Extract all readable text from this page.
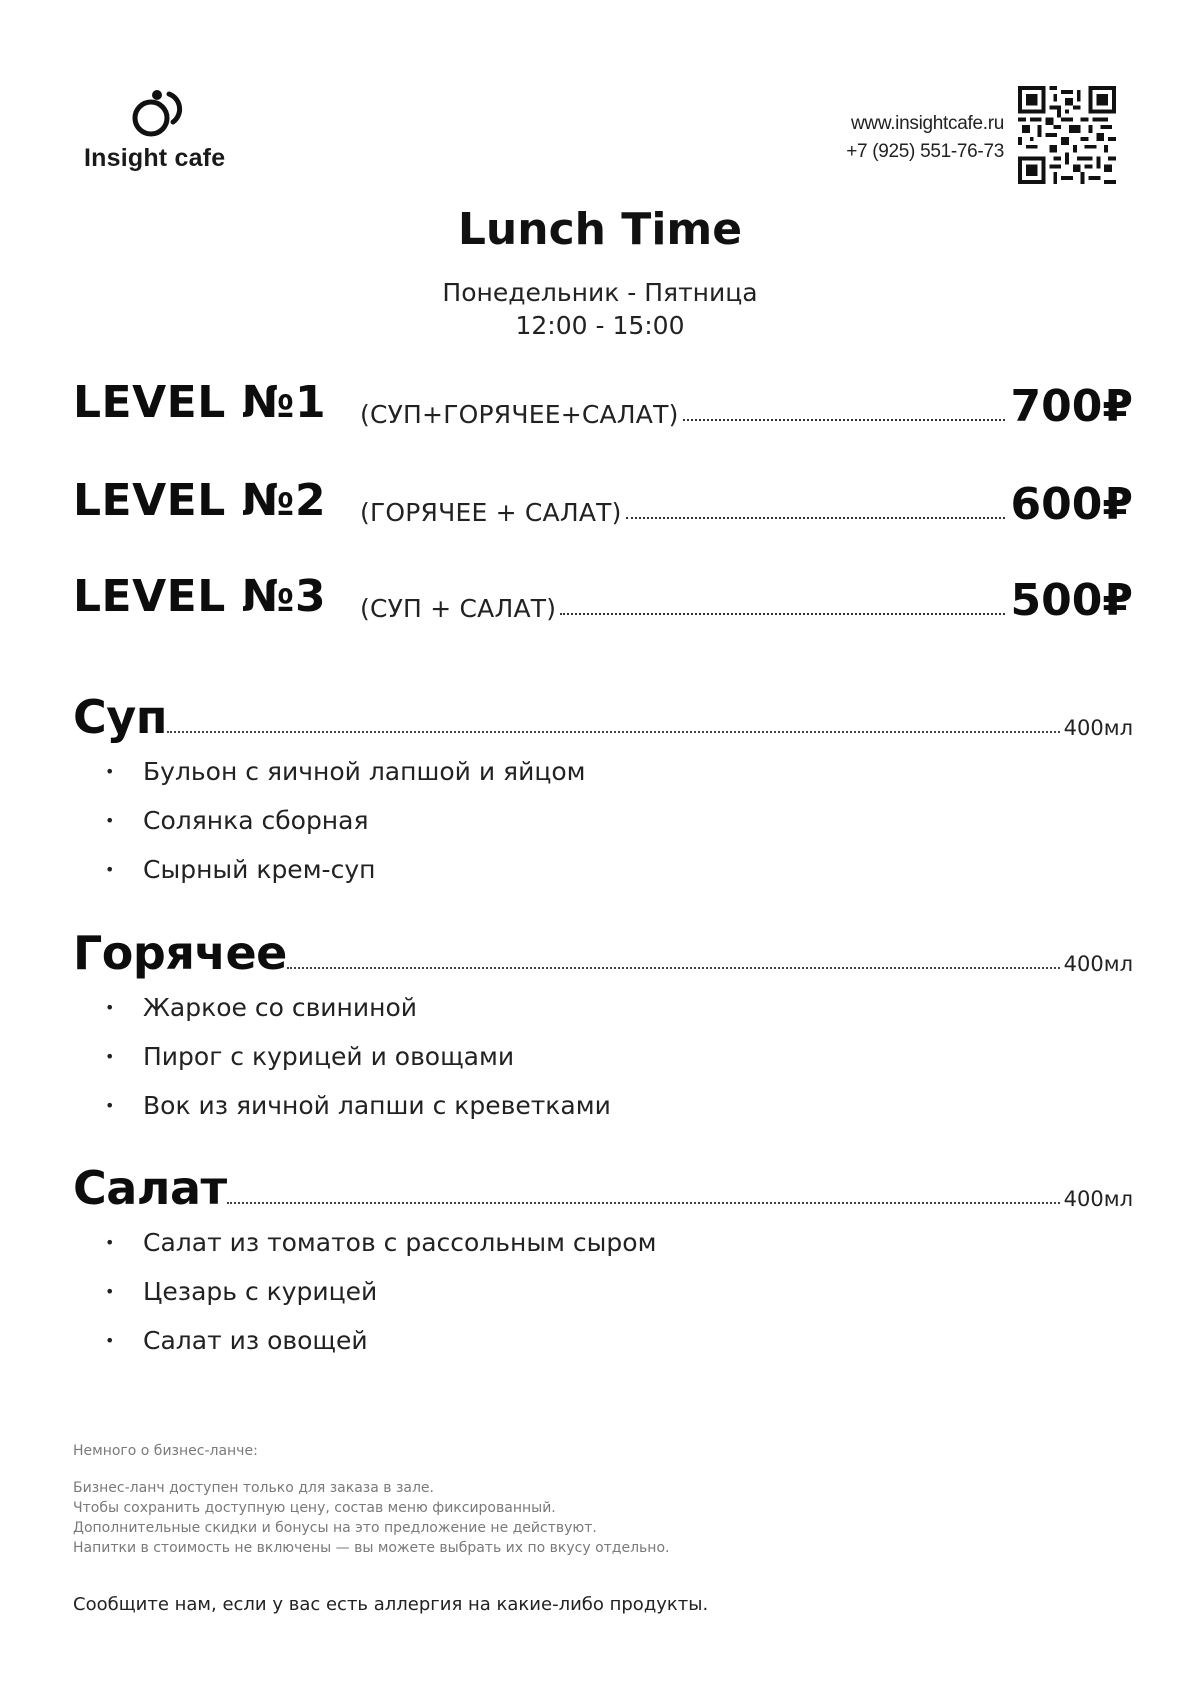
Insight cafe
www.insightcafe.ru
+7 (925) 551-76-73
Lunch Time
Понедельник - Пятница
12:00 - 15:00
LEVEL №1 (СУП+ГОРЯЧЕЕ+САЛАТ)	700₽
LEVEL №2 (ГОРЯЧЕЕ + САЛАТ)	600₽
LEVEL №3 (СУП + САЛАТ)	500₽
Суп	400мл
• Бульон с яичной лапшой и яйцом
• Солянка сборная
• Сырный крем-суп
Горячее	400мл
• Жаркое со свининой
• Пирог с курицей и овощами
• Вок из яичной лапши с креветками
Салат	400мл
• Салат из томатов с рассольным сыром
• Цезарь с курицей
• Салат из овощей
Немного о бизнес-ланче:
Бизнес-ланч доступен только для заказа в зале.
Чтобы сохранить доступную цену, состав меню фиксированный.
Дополнительные скидки и бонусы на это предложение не действуют.
Напитки в стоимость не включены — вы можете выбрать их по вкусу отдельно.
Сообщите нам, если у вас есть аллергия на какие-либо продукты.
